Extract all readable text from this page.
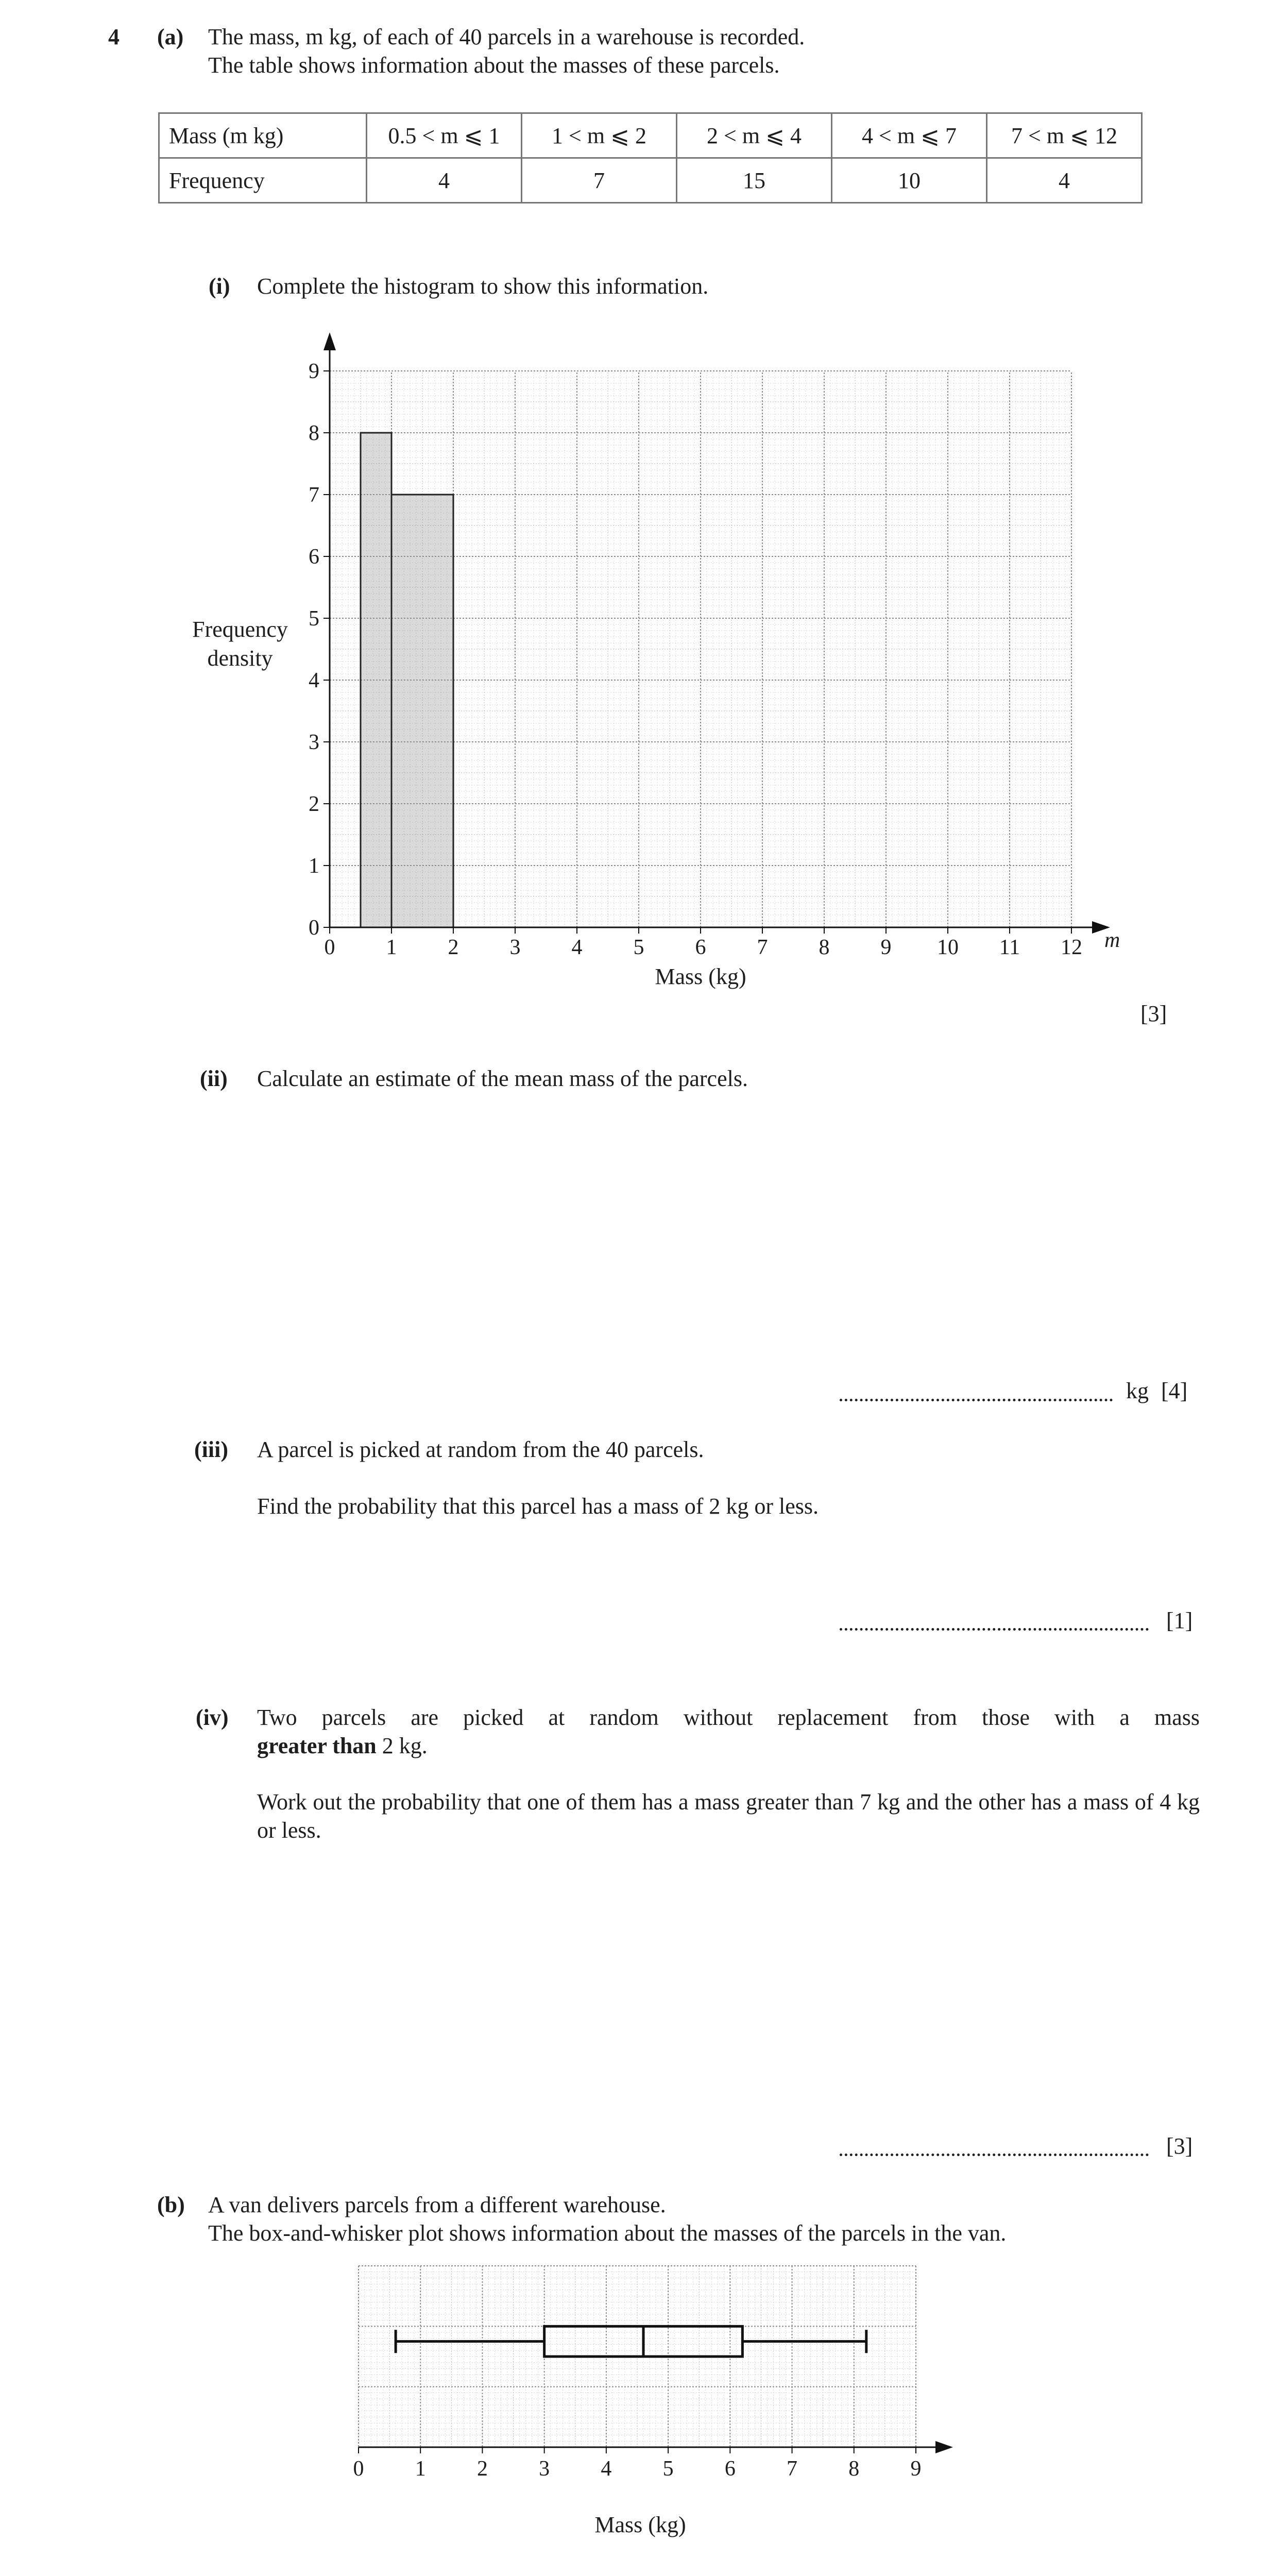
4 (a) The mass, m kg, of each of 40 parcels in a warehouse is recorded.
The table shows information about the masses of these parcels.
Mass (m kg)	0.5 < m ⩽ 1	1 < m ⩽ 2	2 < m ⩽ 4	4 < m ⩽ 7	7 < m ⩽ 12
Frequency	4	7	15	10	4
(i) Complete the histogram to show this information.
Frequency
density
0 1 2 3 4 5 6 7 8 9 10 11 12
0
1
2
3
4
5
6
7
8
9
m
Mass (kg)
[3]
(ii) Calculate an estimate of the mean mass of the parcels.
kg [4]
(iii) A parcel is picked at random from the 40 parcels.
Find the probability that this parcel has a mass of 2 kg or less.
[1]
(iv) Two parcels are picked at random without replacement from those with a mass
greater than 2 kg.
Work out the probability that one of them has a mass greater than 7 kg and the other has a mass of 4 kg or less.
[3]
(b) A van delivers parcels from a different warehouse.
The box-and-whisker plot shows information about the masses of the parcels in the van.
0 1 2 3 4 5 6 7 8 9
Mass (kg)
